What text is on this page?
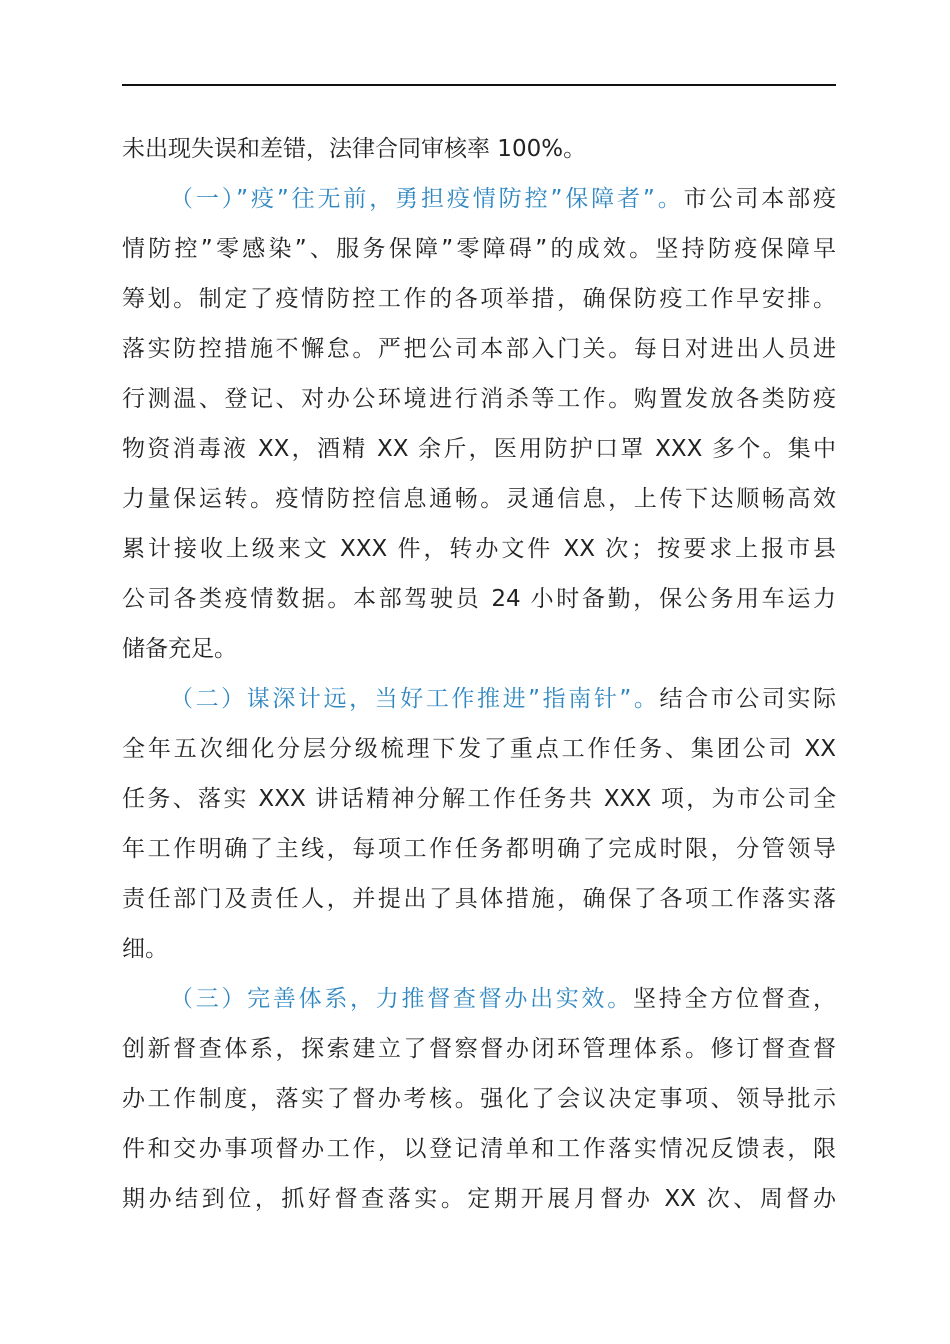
未出现失误和差错，法律合同审核率 100%。
（一）”疫”往无前，勇担疫情防控”保障者”。市公司本部疫
情防控”零感染”、服务保障”零障碍”的成效。坚持防疫保障早
筹划。制定了疫情防控工作的各项举措，确保防疫工作早安排。
落实防控措施不懈怠。严把公司本部入门关。每日对进出人员进
行测温、登记、对办公环境进行消杀等工作。购置发放各类防疫
物资消毒液 XX，酒精 XX 余斤，医用防护口罩 XXX 多个。集中
力量保运转。疫情防控信息通畅。灵通信息，上传下达顺畅高效
累计接收上级来文 XXX 件，转办文件 XX 次；按要求上报市县
公司各类疫情数据。本部驾驶员 24 小时备勤，保公务用车运力
储备充足。
（二）谋深计远，当好工作推进”指南针”。结合市公司实际
全年五次细化分层分级梳理下发了重点工作任务、集团公司 XX
任务、落实 XXX 讲话精神分解工作任务共 XXX 项，为市公司全
年工作明确了主线，每项工作任务都明确了完成时限，分管领导
责任部门及责任人，并提出了具体措施，确保了各项工作落实落
细。
（三）完善体系，力推督查督办出实效。坚持全方位督查，
创新督查体系，探索建立了督察督办闭环管理体系。修订督查督
办工作制度，落实了督办考核。强化了会议决定事项、领导批示
件和交办事项督办工作，以登记清单和工作落实情况反馈表，限
期办结到位，抓好督查落实。定期开展月督办 XX 次、周督办
